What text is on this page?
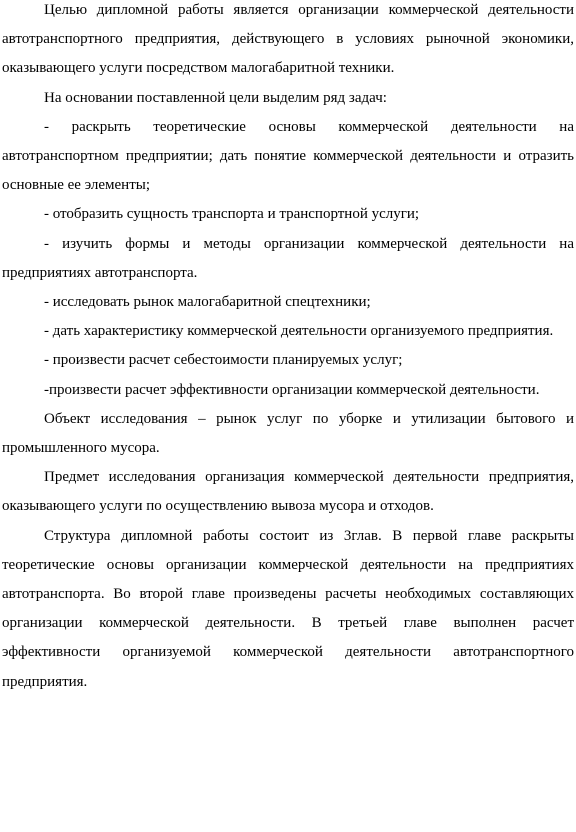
Целью дипломной работы является организации коммерческой деятельности автотранспортного предприятия, действующего в условиях рыночной экономики, оказывающего услуги посредством малогабаритной техники.

На основании поставленной цели выделим ряд задач:

- раскрыть теоретические основы коммерческой деятельности на автотранспортном предприятии; дать понятие коммерческой деятельности и отразить основные ее элементы;

- отобразить сущность транспорта и транспортной услуги;

- изучить формы и методы организации коммерческой деятельности на предприятиях автотранспорта.

- исследовать рынок малогабаритной спецтехники;

- дать характеристику коммерческой деятельности организуемого предприятия.

- произвести расчет себестоимости планируемых услуг;

-произвести расчет эффективности организации коммерческой деятельности.

Объект исследования – рынок услуг по уборке и утилизации бытового и промышленного мусора.

Предмет исследования организация коммерческой деятельности предприятия, оказывающего услуги по осуществлению вывоза мусора и отходов.

Структура дипломной работы состоит из 3глав. В первой главе раскрыты теоретические основы организации коммерческой деятельности на предприятиях автотранспорта. Во второй главе произведены расчеты необходимых составляющих организации коммерческой деятельности. В третьей главе выполнен расчет эффективности организуемой коммерческой деятельности автотранспортного предприятия.
